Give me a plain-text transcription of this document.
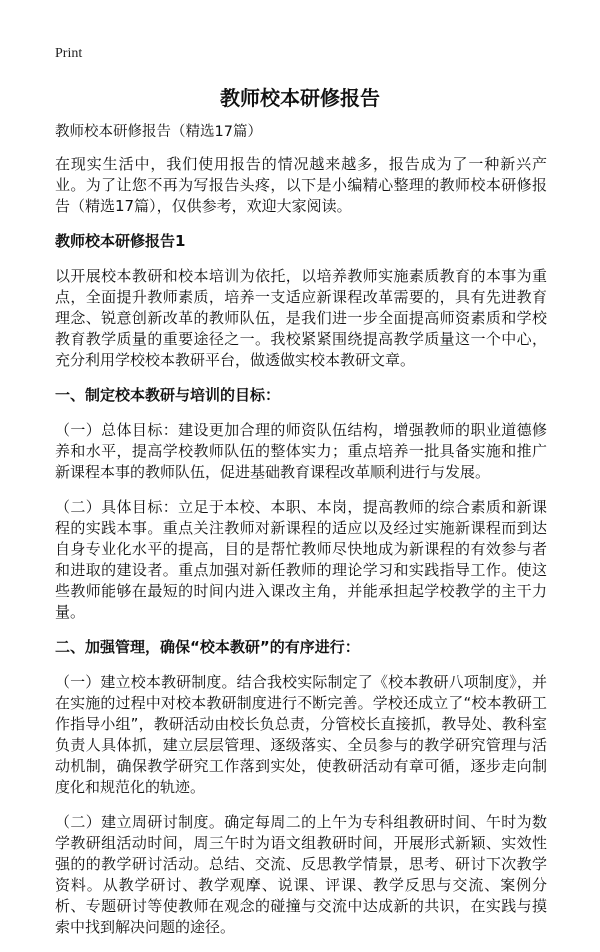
Print
教师校本研修报告
教师校本研修报告（精选17篇）

在现实生活中，我们使用报告的情况越来越多，报告成为了一种新兴产业。为了让您不再为写报告头疼，以下是小编精心整理的教师校本研修报告（精选17篇），仅供参考，欢迎大家阅读。

教师校本研修报告1

以开展校本教研和校本培训为依托，以培养教师实施素质教育的本事为重点，全面提升教师素质，培养一支适应新课程改革需要的，具有先进教育理念、锐意创新改革的教师队伍，是我们进一步全面提高师资素质和学校教育教学质量的重要途径之一。我校紧紧围绕提高教学质量这一个中心，充分利用学校校本教研平台，做透做实校本教研文章。

一、制定校本教研与培训的目标：

（一）总体目标：建设更加合理的师资队伍结构，增强教师的职业道德修养和水平，提高学校教师队伍的整体实力；重点培养一批具备实施和推广新课程本事的教师队伍，促进基础教育课程改革顺利进行与发展。

（二）具体目标：立足于本校、本职、本岗，提高教师的综合素质和新课程的实践本事。重点关注教师对新课程的适应以及经过实施新课程而到达自身专业化水平的提高，目的是帮忙教师尽快地成为新课程的有效参与者和进取的建设者。重点加强对新任教师的理论学习和实践指导工作。使这些教师能够在最短的时间内进入课改主角，并能承担起学校教学的主干力量。

二、加强管理，确保“校本教研”的有序进行：

（一）建立校本教研制度。结合我校实际制定了《校本教研八项制度》，并在实施的过程中对校本教研制度进行不断完善。学校还成立了“校本教研工作指导小组”，教研活动由校长负总责，分管校长直接抓，教导处、教科室负责人具体抓，建立层层管理、逐级落实、全员参与的教学研究管理与活动机制，确保教学研究工作落到实处，使教研活动有章可循，逐步走向制度化和规范化的轨迹。

（二）建立周研讨制度。确定每周二的上午为专科组教研时间、午时为数学教研组活动时间，周三午时为语文组教研时间，开展形式新颖、实效性强的的教学研讨活动。总结、交流、反思教学情景，思考、研讨下次教学资料。从教学研讨、教学观摩、说课、评课、教学反思与交流、案例分析、专题研讨等使教师在观念的碰撞与交流中达成新的共识，在实践与摸索中找到解决问题的途径。
